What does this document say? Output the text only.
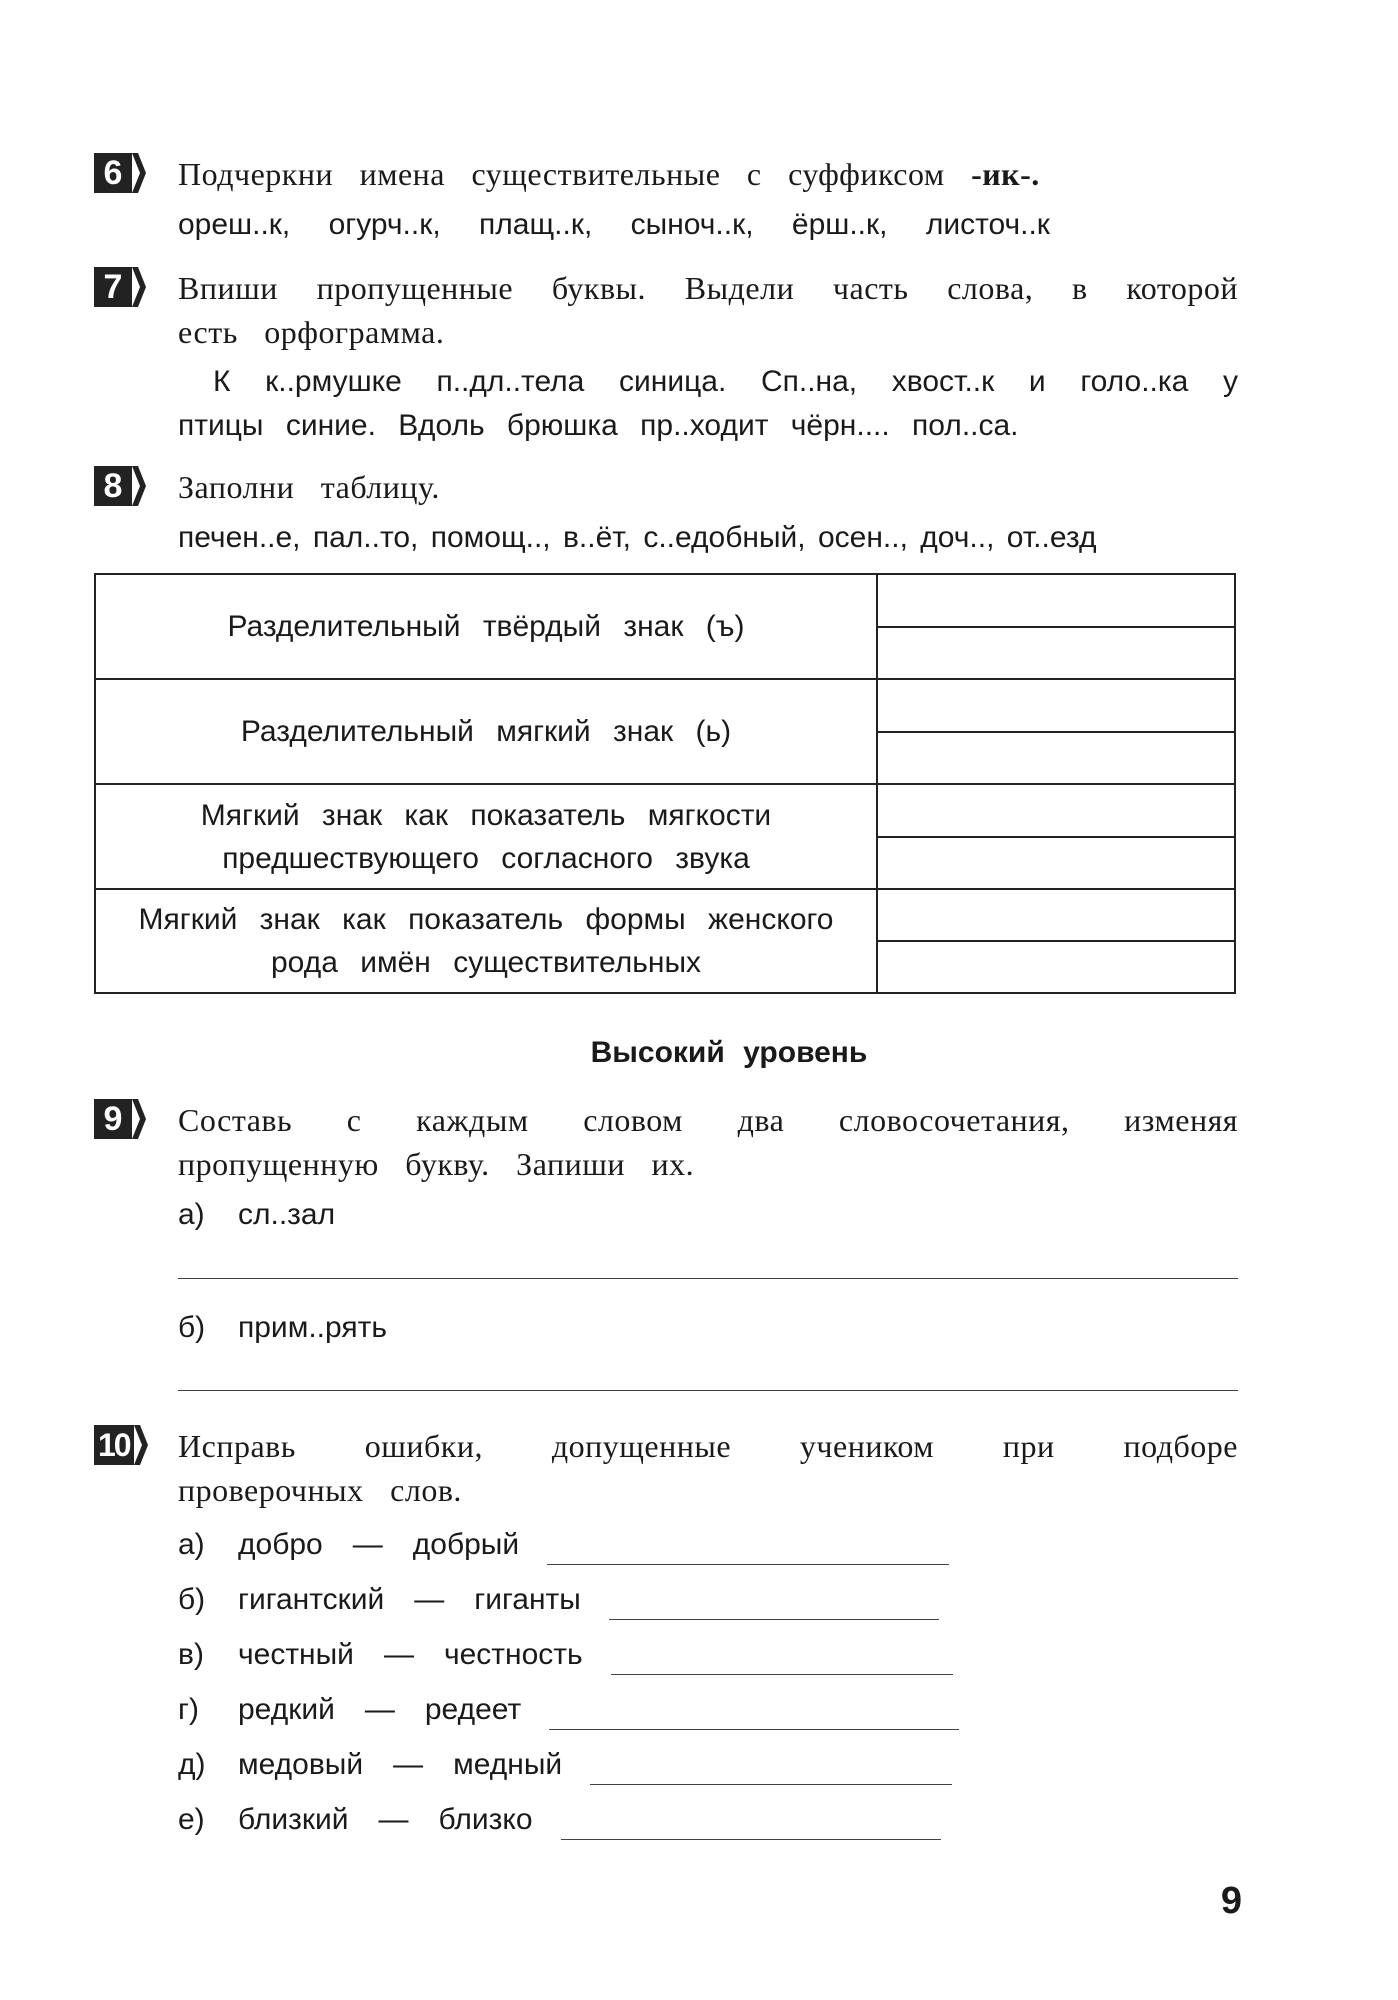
6 Подчеркни имена существительные с суффиксом -ик-.
ореш..к, огурч..к, плащ..к, сыноч..к, ёрш..к, листоч..к
7 Впиши пропущенные буквы. Выдели часть слова, в которой есть орфограмма.
К к..рмушке п..дл..тела синица. Сп..на, хвост..к и голо..ка у птицы синие. Вдоль брюшка пр..ходит чёрн.... пол..са.
8 Заполни таблицу.
печен..е, пал..то, помощ.., в..ёт, с..едобный, осен.., доч.., от..езд
Разделительный твёрдый знак (ъ)
Разделительный мягкий знак (ь)
Мягкий знак как показатель мягкости предшествующего согласного звука
Мягкий знак как показатель формы женского рода имён существительных
Высокий уровень
9 Составь с каждым словом два словосочетания, изменяя пропущенную букву. Запиши их.
а) сл..зал
б) прим..рять
10 Исправь ошибки, допущенные учеником при подборе проверочных слов.
а)	добро — добрый
б)	гигантский — гиганты
в)	честный — честность
г)	редкий — редеет
д)	медовый — медный
е)	близкий — близко
9
